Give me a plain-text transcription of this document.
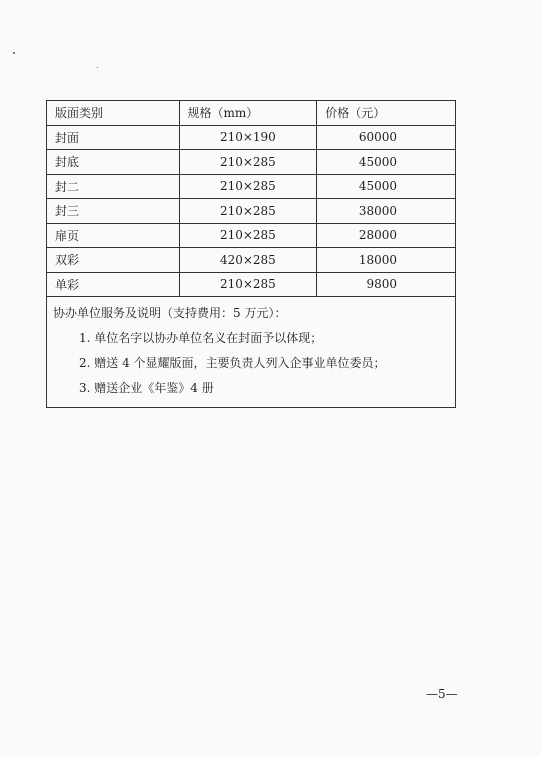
版面类别	规格（mm）	价格（元）
封面	210×190	60000
封底	210×285	45000
封二	210×285	45000
封三	210×285	38000
扉页	210×285	28000
双彩	420×285	18000
单彩	210×285	9800

协办单位服务及说明（支持费用：5 万元）：
1. 单位名字以协办单位名义在封面予以体现；
2. 赠送 4 个显耀版面，主要负责人列入企事业单位委员；
3. 赠送企业《年鉴》4 册		
—5—
